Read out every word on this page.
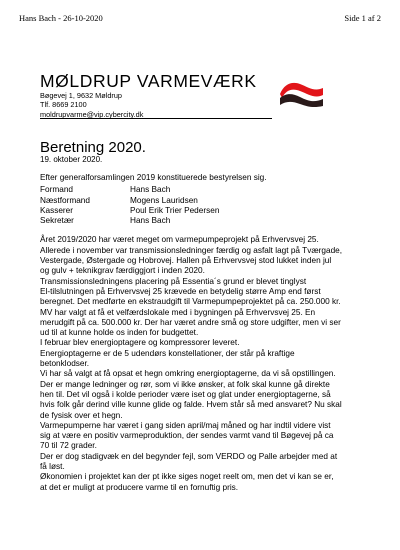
Hans Bach - 26-10-2020	Side 1 af 2
MØLDRUP VARMEVÆRK
Bøgevej 1, 9632 Møldrup
Tlf. 8669 2100
moldrupvarme@vip.cybercity.dk
Beretning 2020.
19. oktober 2020.
Efter generalforsamlingen 2019 konstituerede bestyrelsen sig.
Formand	Hans Bach
Næstformand	Mogens Lauridsen
Kasserer	Poul Erik Trier Pedersen
Sekretær	Hans Bach
Året 2019/2020 har været meget om varmepumpeprojekt på Erhvervsvej 25.
Allerede i november var transmissionsledninger færdig og asfalt lagt på Tværgade,
Vestergade, Østergade og Hobrovej. Hallen på Erhvervsvej stod lukket inden jul
og gulv + teknikgrav færdiggjort i inden 2020.
Transmissionsledningens placering på Essentia´s grund er blevet tinglyst
El-tilslutningen på Erhvervsvej 25 krævede en betydelig større Amp end først
beregnet. Det medførte en ekstraudgift til Varmepumpeprojektet på ca. 250.000 kr.
MV har valgt at få et velfærdslokale med i bygningen på Erhvervsvej 25. En
merudgift på ca. 500.000 kr. Der har været andre små og store udgifter, men vi ser
ud til at kunne holde os inden for budgettet.
I februar blev energioptagere og kompressorer leveret.
Energioptagerne er de 5 udendørs konstellationer, der står på kraftige
betonklodser.
Vi har så valgt at få opsat et hegn omkring energioptagerne, da vi så opstillingen.
Der er mange ledninger og rør, som vi ikke ønsker, at folk skal kunne gå direkte
hen til. Det vil også i kolde perioder være iset og glat under energioptagerne, så
hvis folk går derind ville kunne glide og falde. Hvem står så med ansvaret? Nu skal
de fysisk over et hegn.
Varmepumperne har været i gang siden april/maj måned og har indtil videre vist
sig at være en positiv varmeproduktion, der sendes varmt vand til Bøgevej på ca
70 til 72 grader.
Der er dog stadigvæk en del begynder fejl, som VERDO og Palle arbejder med at
få løst.
Økonomien i projektet kan der pt ikke siges noget reelt om, men det vi kan se er,
at det er muligt at producere varme til en fornuftig pris.
